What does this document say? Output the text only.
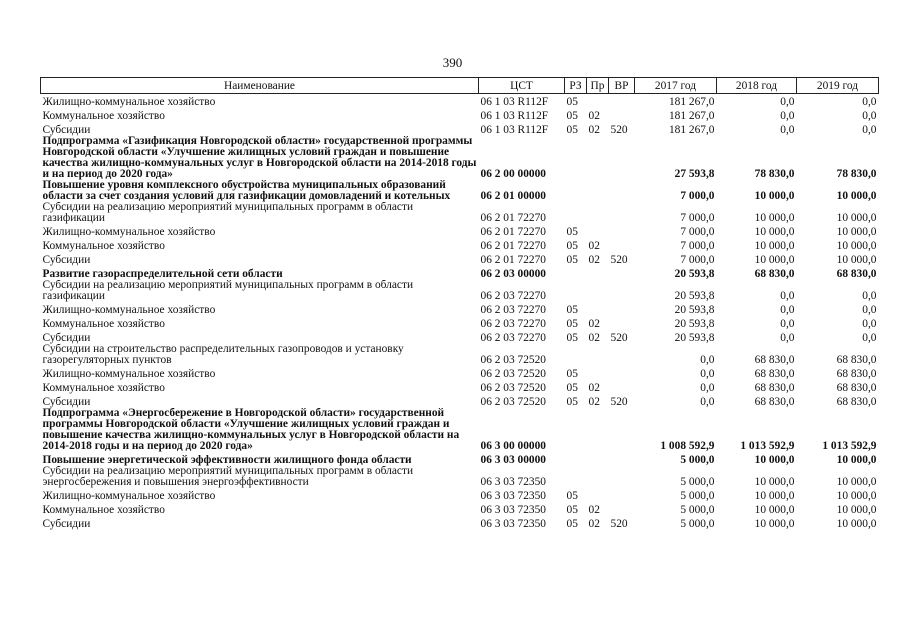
390
Наименование	ЦСТ	РЗ	Пр	ВР	2017 год	2018 год	2019 год
Жилищно-коммунальное хозяйство	06 1 03 R112F	05			181 267,0	0,0	0,0
Коммунальное хозяйство	06 1 03 R112F	05	02		181 267,0	0,0	0,0
Субсидии	06 1 03 R112F	05	02	520	181 267,0	0,0	0,0
Подпрограмма «Газификация Новгородской области» государственной программы Новгородской области «Улучшение жилищных условий граждан и повышение качества жилищно-коммунальных услуг в Новгородской области на 2014-2018 годы и на период до 2020 года»	06 2 00 00000				27 593,8	78 830,0	78 830,0
Повышение уровня комплексного обустройства муниципальных образований области за счет создания условий для газификации домовладений и котельных	06 2 01 00000				7 000,0	10 000,0	10 000,0
Субсидии на реализацию мероприятий муниципальных программ в области газификации	06 2 01 72270				7 000,0	10 000,0	10 000,0
Жилищно-коммунальное хозяйство	06 2 01 72270	05			7 000,0	10 000,0	10 000,0
Коммунальное хозяйство	06 2 01 72270	05	02		7 000,0	10 000,0	10 000,0
Субсидии	06 2 01 72270	05	02	520	7 000,0	10 000,0	10 000,0
Развитие газораспределительной сети области	06 2 03 00000				20 593,8	68 830,0	68 830,0
Субсидии на реализацию мероприятий муниципальных программ в области газификации	06 2 03 72270				20 593,8	0,0	0,0
Жилищно-коммунальное хозяйство	06 2 03 72270	05			20 593,8	0,0	0,0
Коммунальное хозяйство	06 2 03 72270	05	02		20 593,8	0,0	0,0
Субсидии	06 2 03 72270	05	02	520	20 593,8	0,0	0,0
Субсидии на строительство распределительных газопроводов и установку газорегуляторных пунктов	06 2 03 72520				0,0	68 830,0	68 830,0
Жилищно-коммунальное хозяйство	06 2 03 72520	05			0,0	68 830,0	68 830,0
Коммунальное хозяйство	06 2 03 72520	05	02		0,0	68 830,0	68 830,0
Субсидии	06 2 03 72520	05	02	520	0,0	68 830,0	68 830,0
Подпрограмма «Энергосбережение в Новгородской области» государственной программы Новгородской области «Улучшение жилищных условий граждан и повышение качества жилищно-коммунальных услуг в Новгородской области на 2014-2018 годы и на период до 2020 года»	06 3 00 00000				1 008 592,9	1 013 592,9	1 013 592,9
Повышение энергетической эффективности жилищного фонда области	06 3 03 00000				5 000,0	10 000,0	10 000,0
Субсидии на реализацию мероприятий муниципальных программ в области энергосбережения и повышения энергоэффективности	06 3 03 72350				5 000,0	10 000,0	10 000,0
Жилищно-коммунальное хозяйство	06 3 03 72350	05			5 000,0	10 000,0	10 000,0
Коммунальное хозяйство	06 3 03 72350	05	02		5 000,0	10 000,0	10 000,0
Субсидии	06 3 03 72350	05	02	520	5 000,0	10 000,0	10 000,0
